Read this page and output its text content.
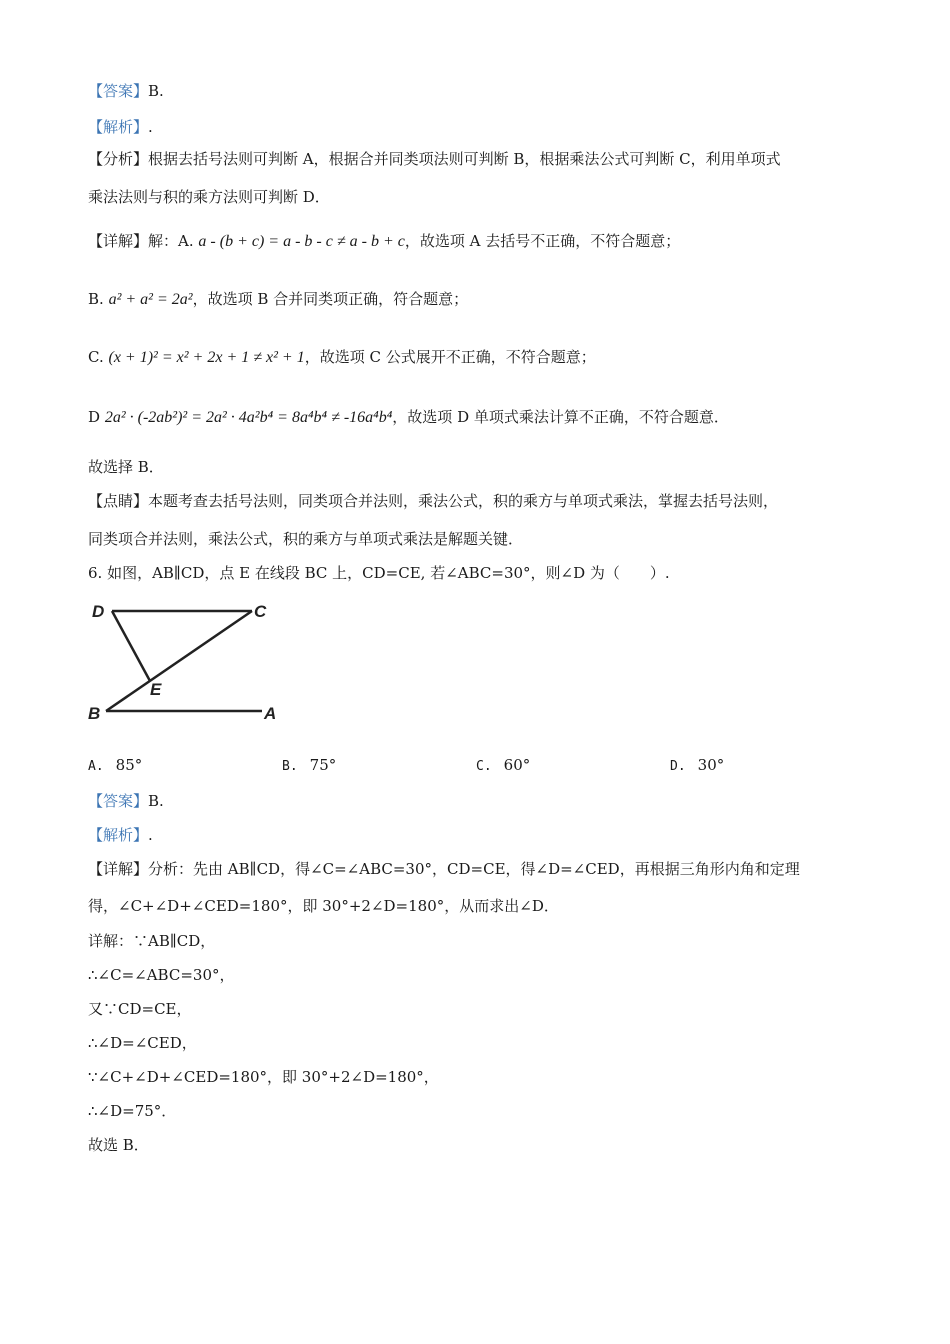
【答案】B.
【解析】.
【分析】根据去括号法则可判断 A，根据合并同类项法则可判断 B，根据乘法公式可判断 C，利用单项式
乘法法则与积的乘方法则可判断 D．
【详解】解：A. a - (b + c) = a - b - c ≠ a - b + c，故选项 A 去括号不正确，不符合题意；
B. a² + a² = 2a²，故选项 B 合并同类项正确，符合题意；
C. (x + 1)² = x² + 2x + 1 ≠ x² + 1，故选项 C 公式展开不正确，不符合题意；
D 2a² · (-2ab²)² = 2a² · 4a²b⁴ = 8a⁴b⁴ ≠ -16a⁴b⁴，故选项 D 单项式乘法计算不正确，不符合题意．
故选择 B．
【点睛】本题考查去括号法则，同类项合并法则，乘法公式，积的乘方与单项式乘法，掌握去括号法则，
同类项合并法则，乘法公式，积的乘方与单项式乘法是解题关键．
6. 如图，AB∥CD，点 E 在线段 BC 上，CD=CE, 若∠ABC=30°，则∠D 为（　　）.
D	C
E
B	A
A. 85°	B. 75°	C. 60°	D. 30°
【答案】B.
【解析】.
【详解】分析：先由 AB∥CD，得∠C=∠ABC=30°，CD=CE，得∠D=∠CED，再根据三角形内角和定理
得，∠C+∠D+∠CED=180°，即 30°+2∠D=180°，从而求出∠D．
详解：∵AB∥CD，
∴∠C=∠ABC=30°，
又∵CD=CE，
∴∠D=∠CED，
∵∠C+∠D+∠CED=180°，即 30°+2∠D=180°，
∴∠D=75°．
故选 B．
